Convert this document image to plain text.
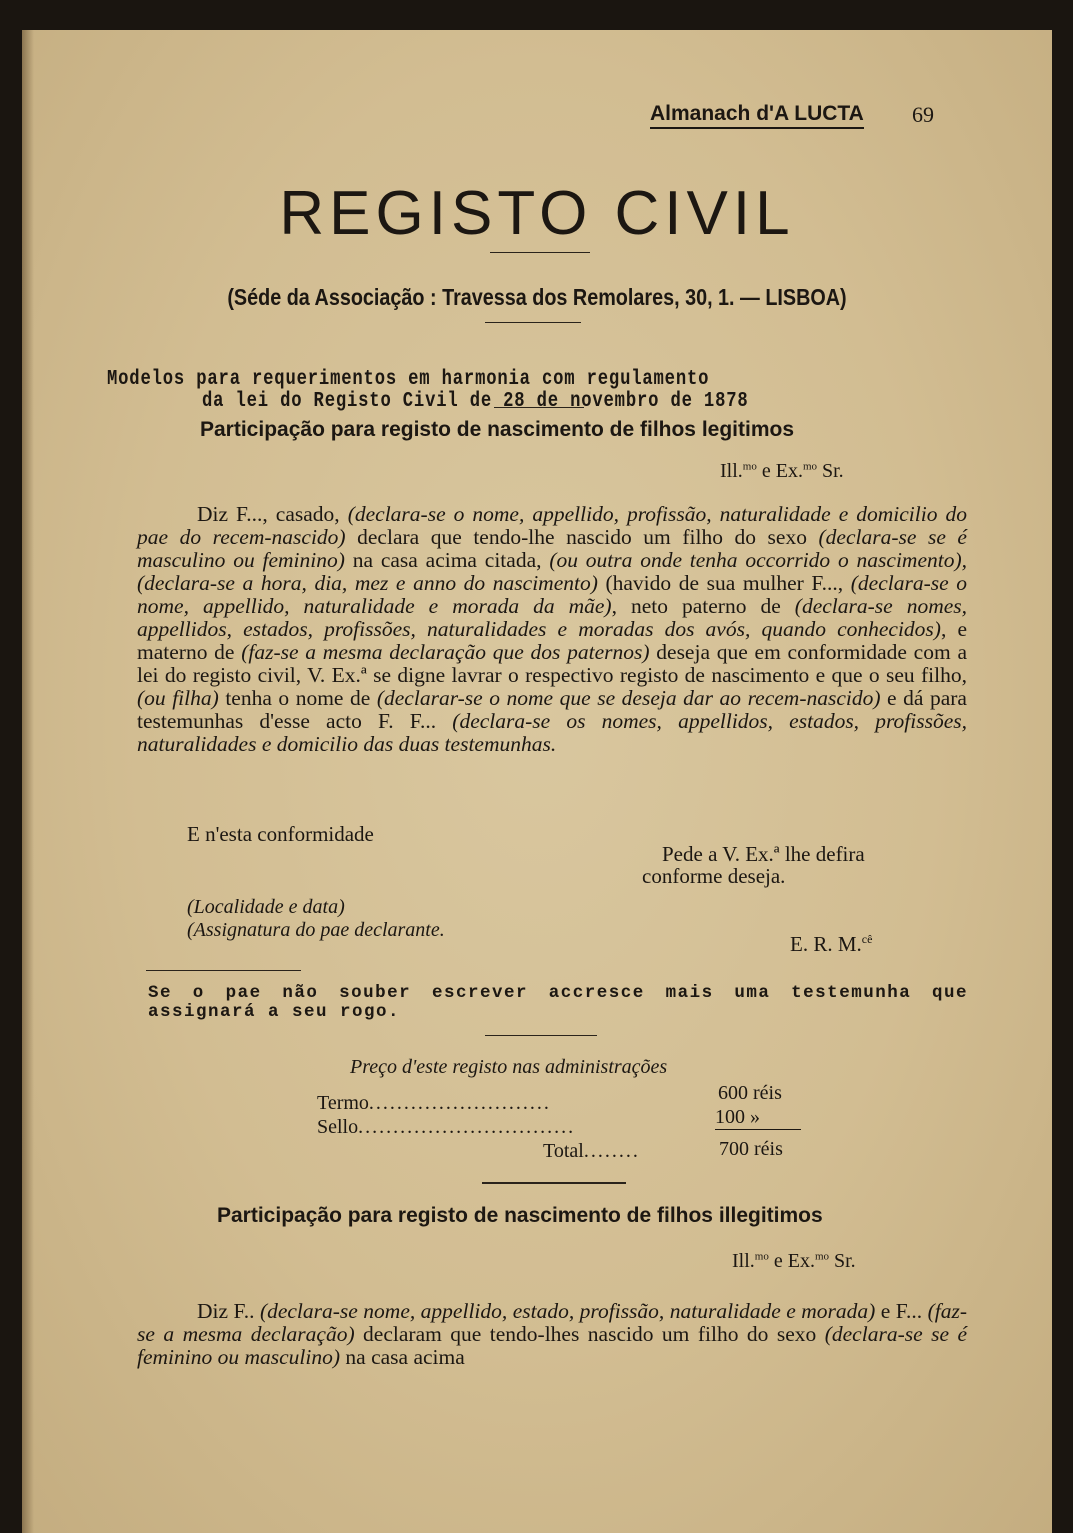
Almanach d'A LUCTA 69
REGISTO CIVIL
(Séde da Associação : Travessa dos Remolares, 30, 1. — LISBOA)
Modelos para requerimentos em harmonia com regulamento
da lei do Registo Civil de 28 de novembro de 1878
Participação para registo de nascimento de filhos legitimos
Ill.$^{mo}$ e Ex.$^{mo}$ Sr.
Diz F..., casado, (declara-se o nome, appellido, profissão, naturalidade e domicilio do pae do recem-nascido) declara que tendo-lhe nascido um filho do sexo (declara-se se é masculino ou feminino) na casa acima citada, (ou outra onde tenha occorrido o nascimento), (declara-se a hora, dia, mez e anno do nascimento) (havido de sua mulher F..., (declara-se o nome, appellido, naturalidade e morada da mãe), neto paterno de (declara-se nomes, appellidos, estados, profissões, naturalidades e moradas dos avós, quando conhecidos), e materno de (faz-se a mesma declaração que dos paternos) deseja que em conformidade com a lei do registo civil, V. Ex.ª se digne lavrar o respectivo registo de nascimento e que o seu filho, (ou filha) tenha o nome de (declarar-se o nome que se deseja dar ao recem-nascido) e dá para testemunhas d'esse acto F. F... (declara-se os nomes, appellidos, estados, profissões, naturalidades e domicilio das duas testemunhas.
E n'esta conformidade
Pede a V. Ex.ª lhe defira
conforme deseja.
(Localidade e data)
(Assignatura do pae declarante.
E. R. M.$^{cê}$
Se o pae não souber escrever accresce mais uma testemunha que assignará a seu rogo.
Preço d'este registo nas administrações
Termo..........................	600 réis
Sello...............................	100 »
Total........	700 réis
Participação para registo de nascimento de filhos illegitimos
Ill.$^{mo}$ e Ex.$^{mo}$ Sr.
Diz F.. (declara-se nome, appellido, estado, profissão, naturalidade e morada) e F... (faz-se a mesma declaração) declaram que tendo-lhes nascido um filho do sexo (declara-se se é feminino ou masculino) na casa acima
